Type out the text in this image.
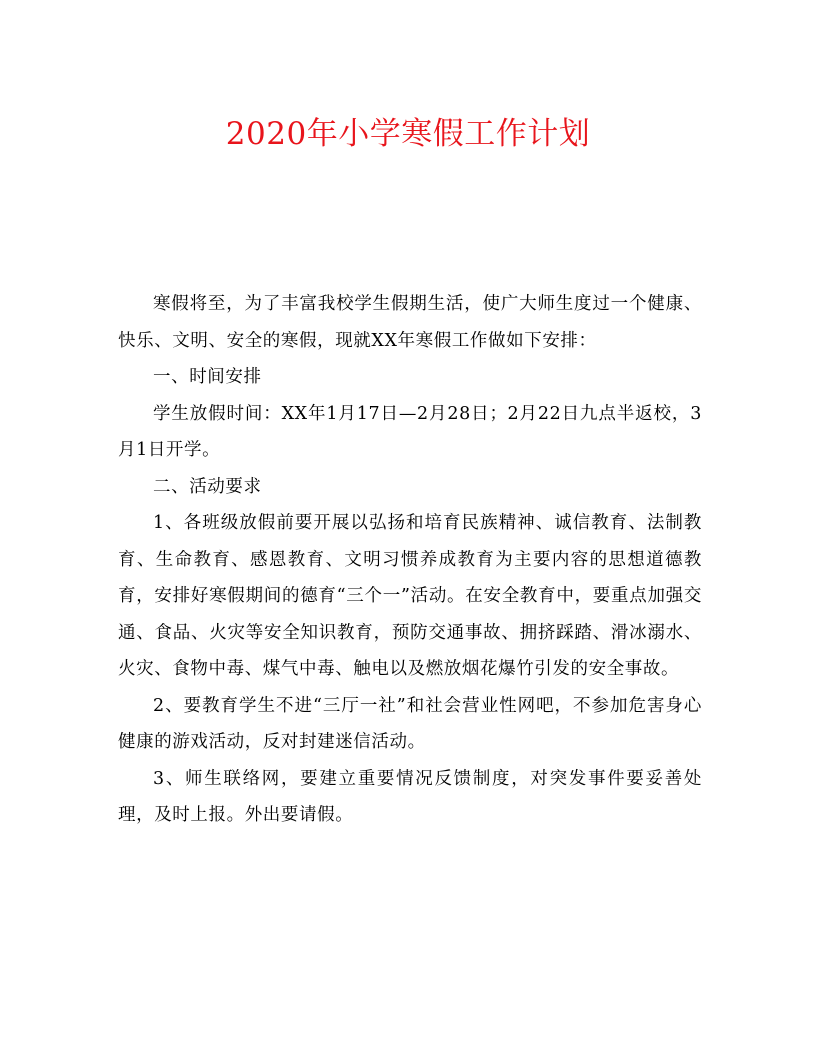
2020年小学寒假工作计划

寒假将至，为了丰富我校学生假期生活，使广大师生度过一个健康、快乐、文明、安全的寒假，现就XX年寒假工作做如下安排：

一、时间安排

学生放假时间：XX年1月17日—2月28日；2月22日九点半返校，3月1日开学。

二、活动要求

1、各班级放假前要开展以弘扬和培育民族精神、诚信教育、法制教育、生命教育、感恩教育、文明习惯养成教育为主要内容的思想道德教育，安排好寒假期间的德育“三个一”活动。在安全教育中，要重点加强交通、食品、火灾等安全知识教育，预防交通事故、拥挤踩踏、滑冰溺水、火灾、食物中毒、煤气中毒、触电以及燃放烟花爆竹引发的安全事故。

2、要教育学生不进“三厅一社”和社会营业性网吧，不参加危害身心健康的游戏活动，反对封建迷信活动。

3、师生联络网，要建立重要情况反馈制度，对突发事件要妥善处理，及时上报。外出要请假。
